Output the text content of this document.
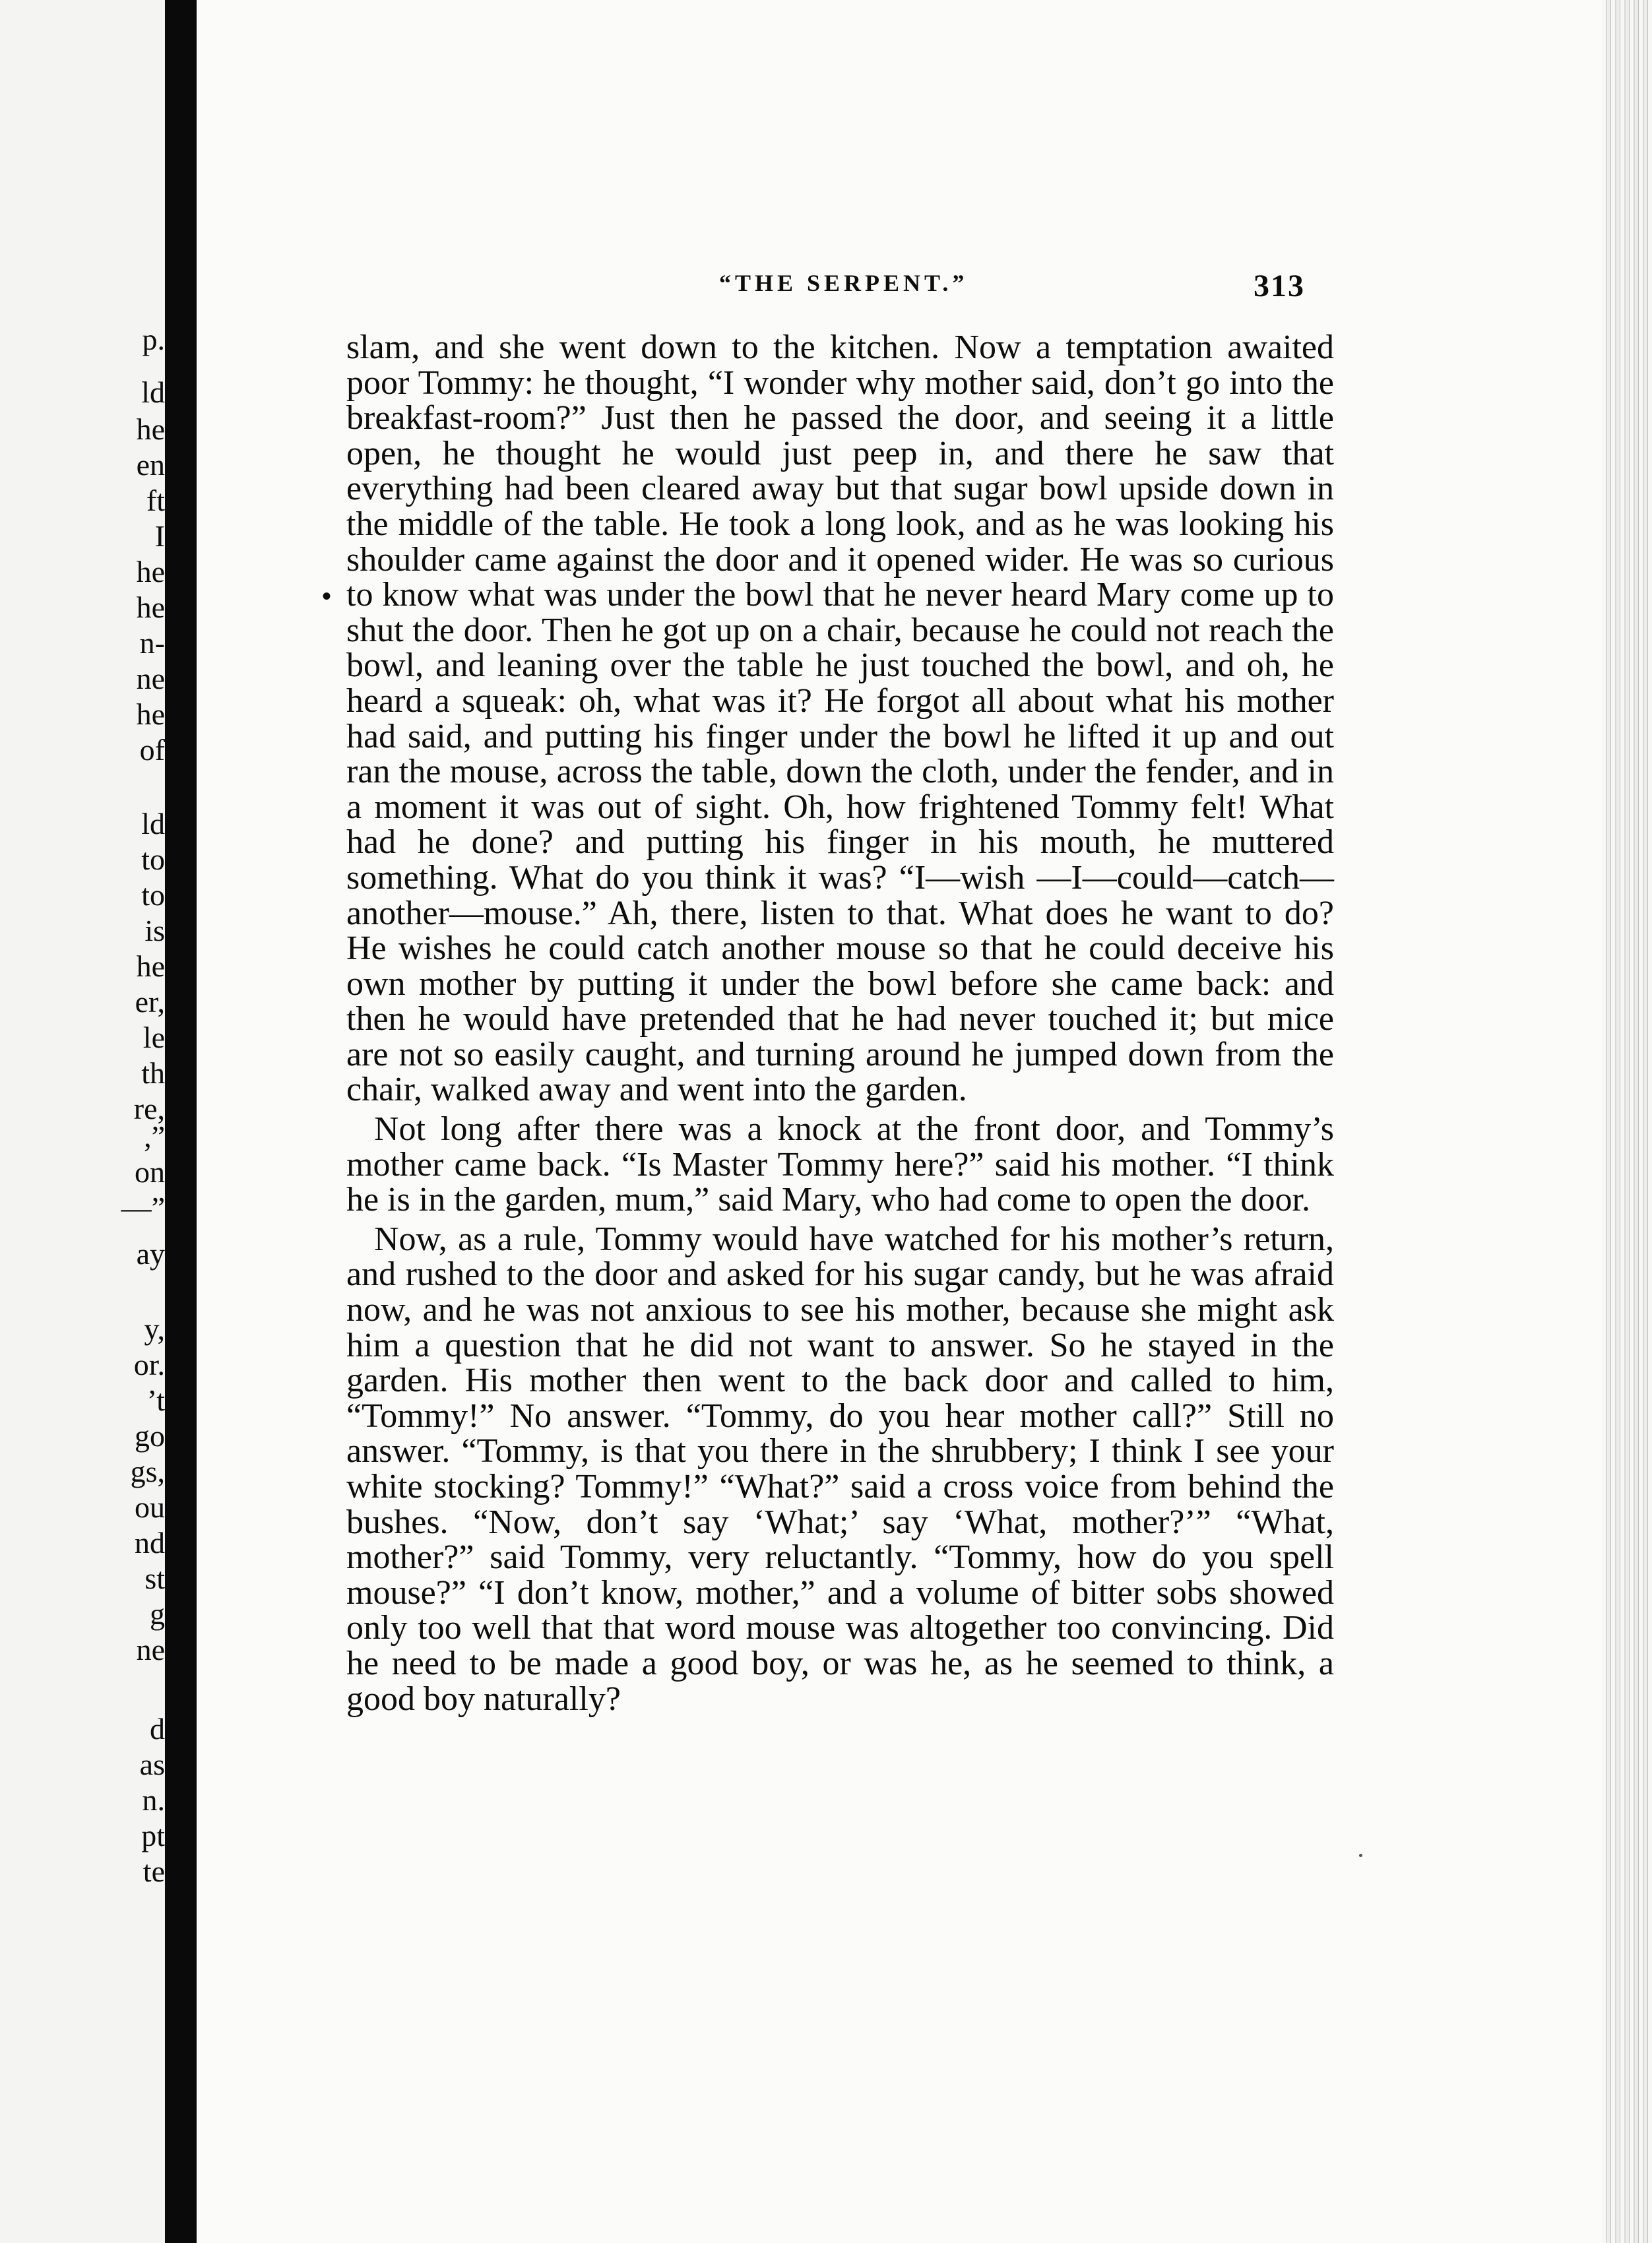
p.
ld
he
en
ft
I
he
he
n-
ne
he
of
ld
to
to
is
he
er,
le
th
re,
,”
on
—”
ay
y,
or.
’t
go
gs,
ou
nd
st
g
ne
d
as
n.
pt
te
“THE SERPENT.”	313
•

slam, and she went down to the kitchen. Now a temptation awaited poor Tommy: he thought, “I wonder why mother said, don’t go into the breakfast-room?” Just then he passed the door, and seeing it a little open, he thought he would just peep in, and there he saw that everything had been cleared away but that sugar bowl upside down in the middle of the table. He took a long look, and as he was looking his shoulder came against the door and it opened wider. He was so curious to know what was under the bowl that he never heard Mary come up to shut the door. Then he got up on a chair, because he could not reach the bowl, and leaning over the table he just touched the bowl, and oh, he heard a squeak: oh, what was it? He forgot all about what his mother had said, and putting his finger under the bowl he lifted it up and out ran the mouse, across the table, down the cloth, under the fender, and in a moment it was out of sight. Oh, how frightened Tommy felt! What had he done? and putting his finger in his mouth, he muttered something. What do you think it was? “I—wish —I—could—catch—another—mouse.” Ah, there, listen to that. What does he want to do? He wishes he could catch another mouse so that he could deceive his own mother by putting it under the bowl before she came back: and then he would have pretended that he had never touched it; but mice are not so easily caught, and turning around he jumped down from the chair, walked away and went into the garden.

Not long after there was a knock at the front door, and Tommy’s mother came back. “Is Master Tommy here?” said his mother. “I think he is in the garden, mum,” said Mary, who had come to open the door.

Now, as a rule, Tommy would have watched for his mother’s return, and rushed to the door and asked for his sugar candy, but he was afraid now, and he was not anxious to see his mother, because she might ask him a question that he did not want to answer. So he stayed in the garden. His mother then went to the back door and called to him, “Tommy!” No answer. “Tommy, do you hear mother call?” Still no answer. “Tommy, is that you there in the shrubbery; I think I see your white stocking? Tommy!” “What?” said a cross voice from behind the bushes. “Now, don’t say ‘What;’ say ‘What, mother?’” “What, mother?” said Tommy, very reluctantly. “Tommy, how do you spell mouse?” “I don’t know, mother,” and a volume of bitter sobs showed only too well that that word mouse was altogether too convincing. Did he need to be made a good boy, or was he, as he seemed to think, a good boy naturally?
